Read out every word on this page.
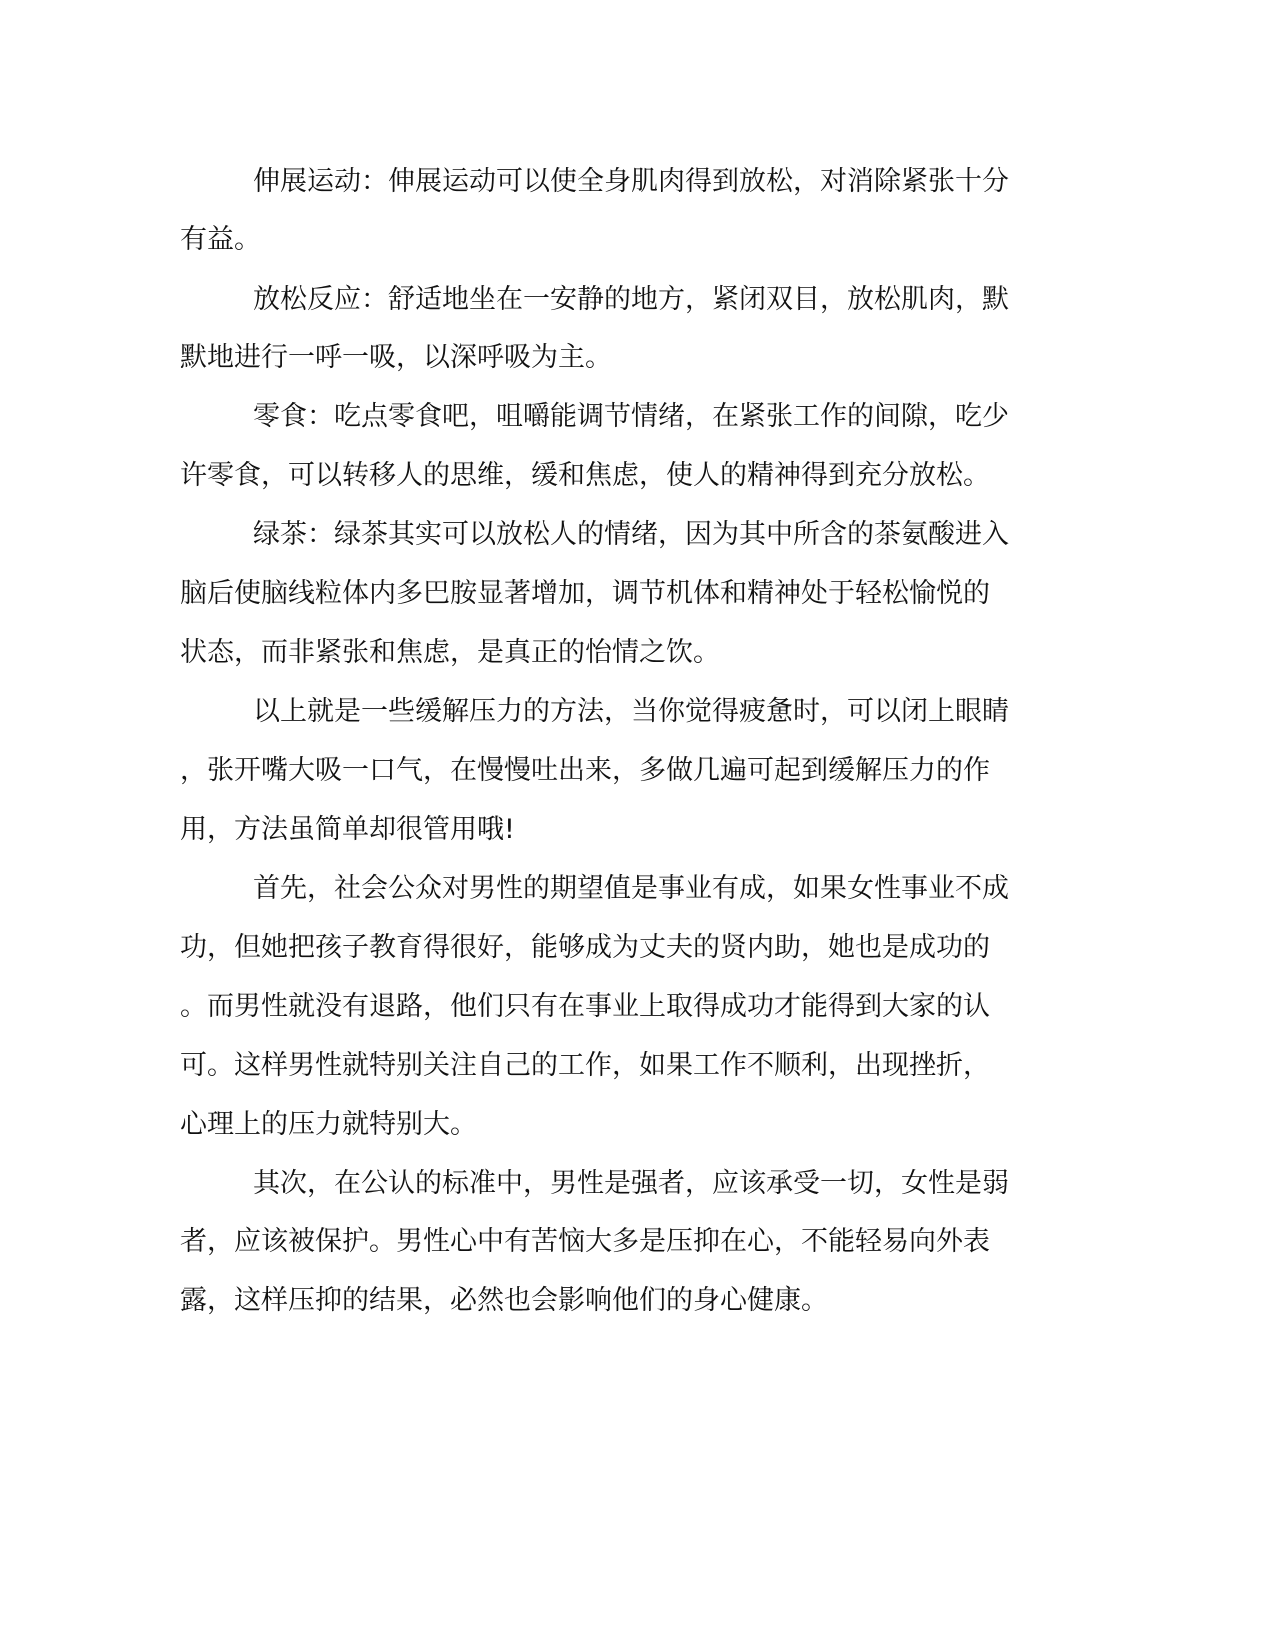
伸展运动：伸展运动可以使全身肌肉得到放松，对消除紧张十分
有益。
放松反应：舒适地坐在一安静的地方，紧闭双目，放松肌肉，默
默地进行一呼一吸，以深呼吸为主。
零食：吃点零食吧，咀嚼能调节情绪，在紧张工作的间隙，吃少
许零食，可以转移人的思维，缓和焦虑，使人的精神得到充分放松。
绿茶：绿茶其实可以放松人的情绪，因为其中所含的茶氨酸进入
脑后使脑线粒体内多巴胺显著增加，调节机体和精神处于轻松愉悦的
状态，而非紧张和焦虑，是真正的怡情之饮。
以上就是一些缓解压力的方法，当你觉得疲惫时，可以闭上眼睛
，张开嘴大吸一口气，在慢慢吐出来，多做几遍可起到缓解压力的作
用，方法虽简单却很管用哦!
首先，社会公众对男性的期望值是事业有成，如果女性事业不成
功，但她把孩子教育得很好，能够成为丈夫的贤内助，她也是成功的
。而男性就没有退路，他们只有在事业上取得成功才能得到大家的认
可。这样男性就特别关注自己的工作，如果工作不顺利，出现挫折，
心理上的压力就特别大。
其次，在公认的标准中，男性是强者，应该承受一切，女性是弱
者，应该被保护。男性心中有苦恼大多是压抑在心，不能轻易向外表
露，这样压抑的结果，必然也会影响他们的身心健康。
